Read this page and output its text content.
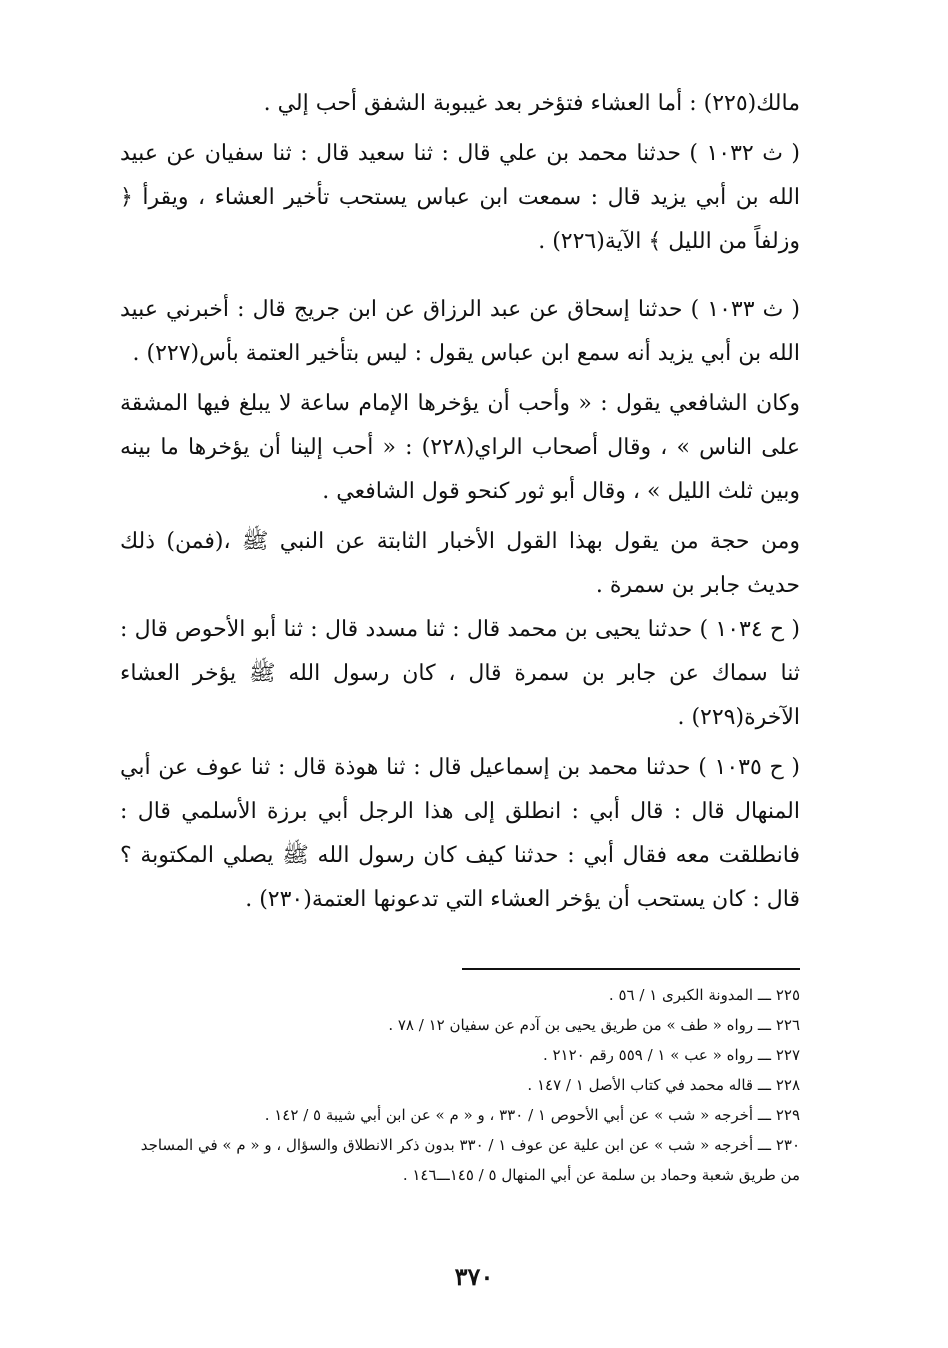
مالك(٢٢٥) : أما العشاء فتؤخر بعد غيبوبة الشفق أحب إلي .

( ث ١٠٣٢ ) حدثنا محمد بن علي قال : ثنا سعيد قال : ثنا سفيان عن عبيد الله بن أبي يزيد قال : سمعت ابن عباس يستحب تأخير العشاء ، ويقرأ ﴿ وزلفاً من الليل ﴾ الآية(٢٢٦) .

( ث ١٠٣٣ ) حدثنا إسحاق عن عبد الرزاق عن ابن جريج قال : أخبرني عبيد الله بن أبي يزيد أنه سمع ابن عباس يقول : ليس بتأخير العتمة بأس(٢٢٧) .

وكان الشافعي يقول : « وأحب أن يؤخرها الإمام ساعة لا يبلغ فيها المشقة على الناس » ، وقال أصحاب الراي(٢٢٨) : « أحب إلينا أن يؤخرها ما بينه وبين ثلث الليل » ، وقال أبو ثور كنحو قول الشافعي .

ومن حجة من يقول بهذا القول الأخبار الثابتة عن النبي ﷺ ،(فمن) ذلك حديث جابر بن سمرة .

( ح ١٠٣٤ ) حدثنا يحيى بن محمد قال : ثنا مسدد قال : ثنا أبو الأحوص قال : ثنا سماك عن جابر بن سمرة قال ، كان رسول الله ﷺ يؤخر العشاء الآخرة(٢٢٩) .

( ح ١٠٣٥ ) حدثنا محمد بن إسماعيل قال : ثنا هوذة قال : ثنا عوف عن أبي المنهال قال : قال أبي : انطلق إلى هذا الرجل أبي برزة الأسلمي قال : فانطلقت معه فقال أبي : حدثنا كيف كان رسول الله ﷺ يصلي المكتوبة ؟ قال : كان يستحب أن يؤخر العشاء التي تدعونها العتمة(٢٣٠) .

٢٢٥ ـــ المدونة الكبرى ١ / ٥٦ .

٢٢٦ ـــ رواه « طف » من طريق يحيى بن آدم عن سفيان ١٢ / ٧٨ .

٢٢٧ ـــ رواه « عب » ١ / ٥٥٩ رقم ٢١٢٠ .

٢٢٨ ـــ قاله محمد في كتاب الأصل ١ / ١٤٧ .

٢٢٩ ـــ أخرجه « شب » عن أبي الأحوص ١ / ٣٣٠ ، و « م » عن ابن أبي شيبة ٥ / ١٤٢ .

٢٣٠ ـــ أخرجه « شب » عن ابن علية عن عوف ١ / ٣٣٠ بدون ذكر الانطلاق والسؤال ، و « م » في المساجد من طريق شعبة وحماد بن سلمة عن أبي المنهال ٥ / ١٤٥ـــ١٤٦ .

٣٧٠
